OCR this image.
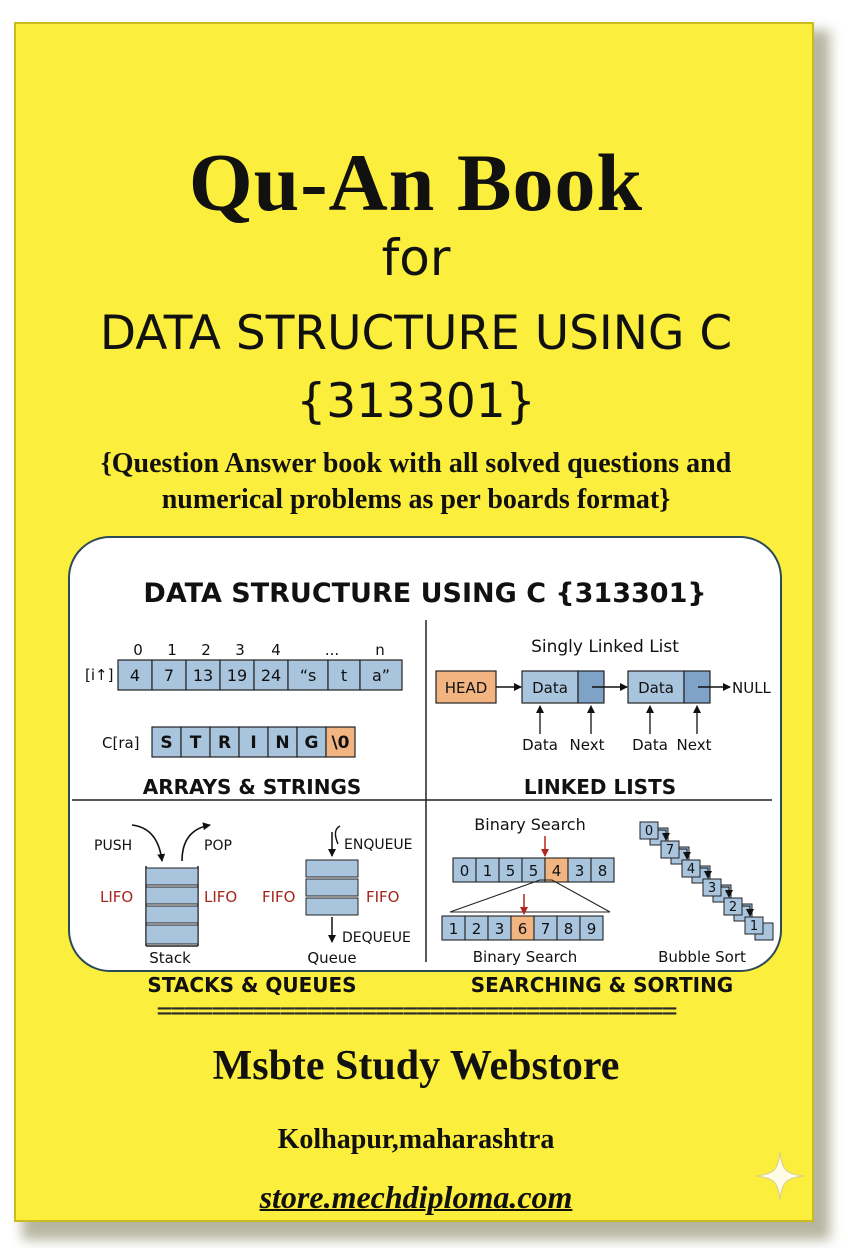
Qu-An Book
for
DATA STRUCTURE USING C
{313301}
{Question Answer book with all solved questions and
numerical problems as per boards format}
DATA STRUCTURE USING C {313301}
0 1 2 3 4	... n
[i↑] 4 7 13 19 24 “s t a”
C[ra] S T R I N G \0
ARRAYS & STRINGS
Singly Linked List
HEAD	Data	Data	NULL
Data Next Data Next
LINKED LISTS
PUSH	POP
LIFO	LIFO
Stack
ENQUEUE
FIFO	FIFO
DEQUEUE
Queue
STACKS & QUEUES
Binary Search
0 1 5 5 4 3 8
1 2 3 6 7 8 9
Binary Search
0
7
4
3
2
1
Bubble Sort
SEARCHING & SORTING
======================================
Msbte Study Webstore
Kolhapur,maharashtra
store.mechdiploma.com
